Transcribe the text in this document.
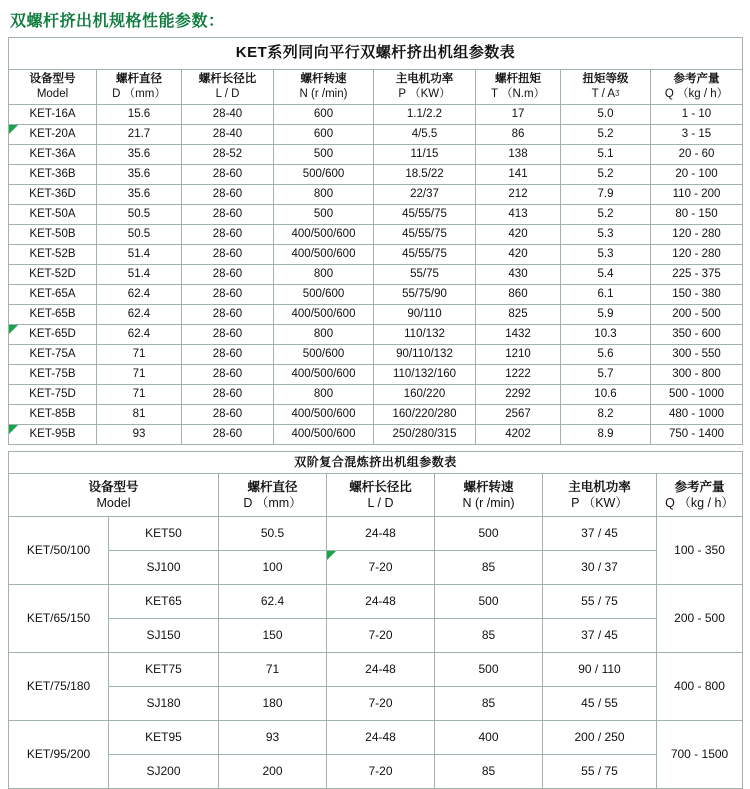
双螺杆挤出机规格性能参数：
KET系列同向平行双螺杆挤出机组参数表							

设备型号
Model

螺杆直径
D （mm）

螺杆长径比
L / D

螺杆转速
N (r /min)

主电机功率
P （KW）

螺杆扭矩
T （N.m）

扭矩等级
T / Aᶾ

参考产量
Q （kg / h）

KET-16A	15.6	28-40	600	1.1/2.2	17	5.0	1 - 10
KET-20A	21.7	28-40	600	4/5.5	86	5.2	3 - 15
KET-36A	35.6	28-52	500	11/15	138	5.1	20 - 60
KET-36B	35.6	28-60	500/600	18.5/22	141	5.2	20 - 100
KET-36D	35.6	28-60	800	22/37	212	7.9	110 - 200
KET-50A	50.5	28-60	500	45/55/75	413	5.2	80 - 150
KET-50B	50.5	28-60	400/500/600	45/55/75	420	5.3	120 - 280
KET-52B	51.4	28-60	400/500/600	45/55/75	420	5.3	120 - 280
KET-52D	51.4	28-60	800	55/75	430	5.4	225 - 375
KET-65A	62.4	28-60	500/600	55/75/90	860	6.1	150 - 380
KET-65B	62.4	28-60	400/500/600	90/110	825	5.9	200 - 500
KET-65D	62.4	28-60	800	110/132	1432	10.3	350 - 600
KET-75A	71	28-60	500/600	90/110/132	1210	5.6	300 - 550
KET-75B	71	28-60	400/500/600	110/132/160	1222	5.7	300 - 800
KET-75D	71	28-60	800	160/220	2292	10.6	500 - 1000
KET-85B	81	28-60	400/500/600	160/220/280	2567	8.2	480 - 1000
KET-95B	93	28-60	400/500/600	250/280/315	4202	8.9	750 - 1400
双阶复合混炼挤出机组参数表						

设备型号
Model

螺杆直径
D （mm）

螺杆长径比
L / D

螺杆转速
N (r /min)

主电机功率
P （KW）

参考产量
Q （kg / h）

KET/50/100	KET50	50.5	24-48	500	37 / 45	100 - 350
	SJ100	100	7-20	85	30 / 37	
KET/65/150	KET65	62.4	24-48	500	55 / 75	200 - 500
	SJ150	150	7-20	85	37 / 45	
KET/75/180	KET75	71	24-48	500	90 / 110	400 - 800
	SJ180	180	7-20	85	45 / 55	
KET/95/200	KET95	93	24-48	400	200 / 250	700 - 1500
	SJ200	200	7-20	85	55 / 75	
